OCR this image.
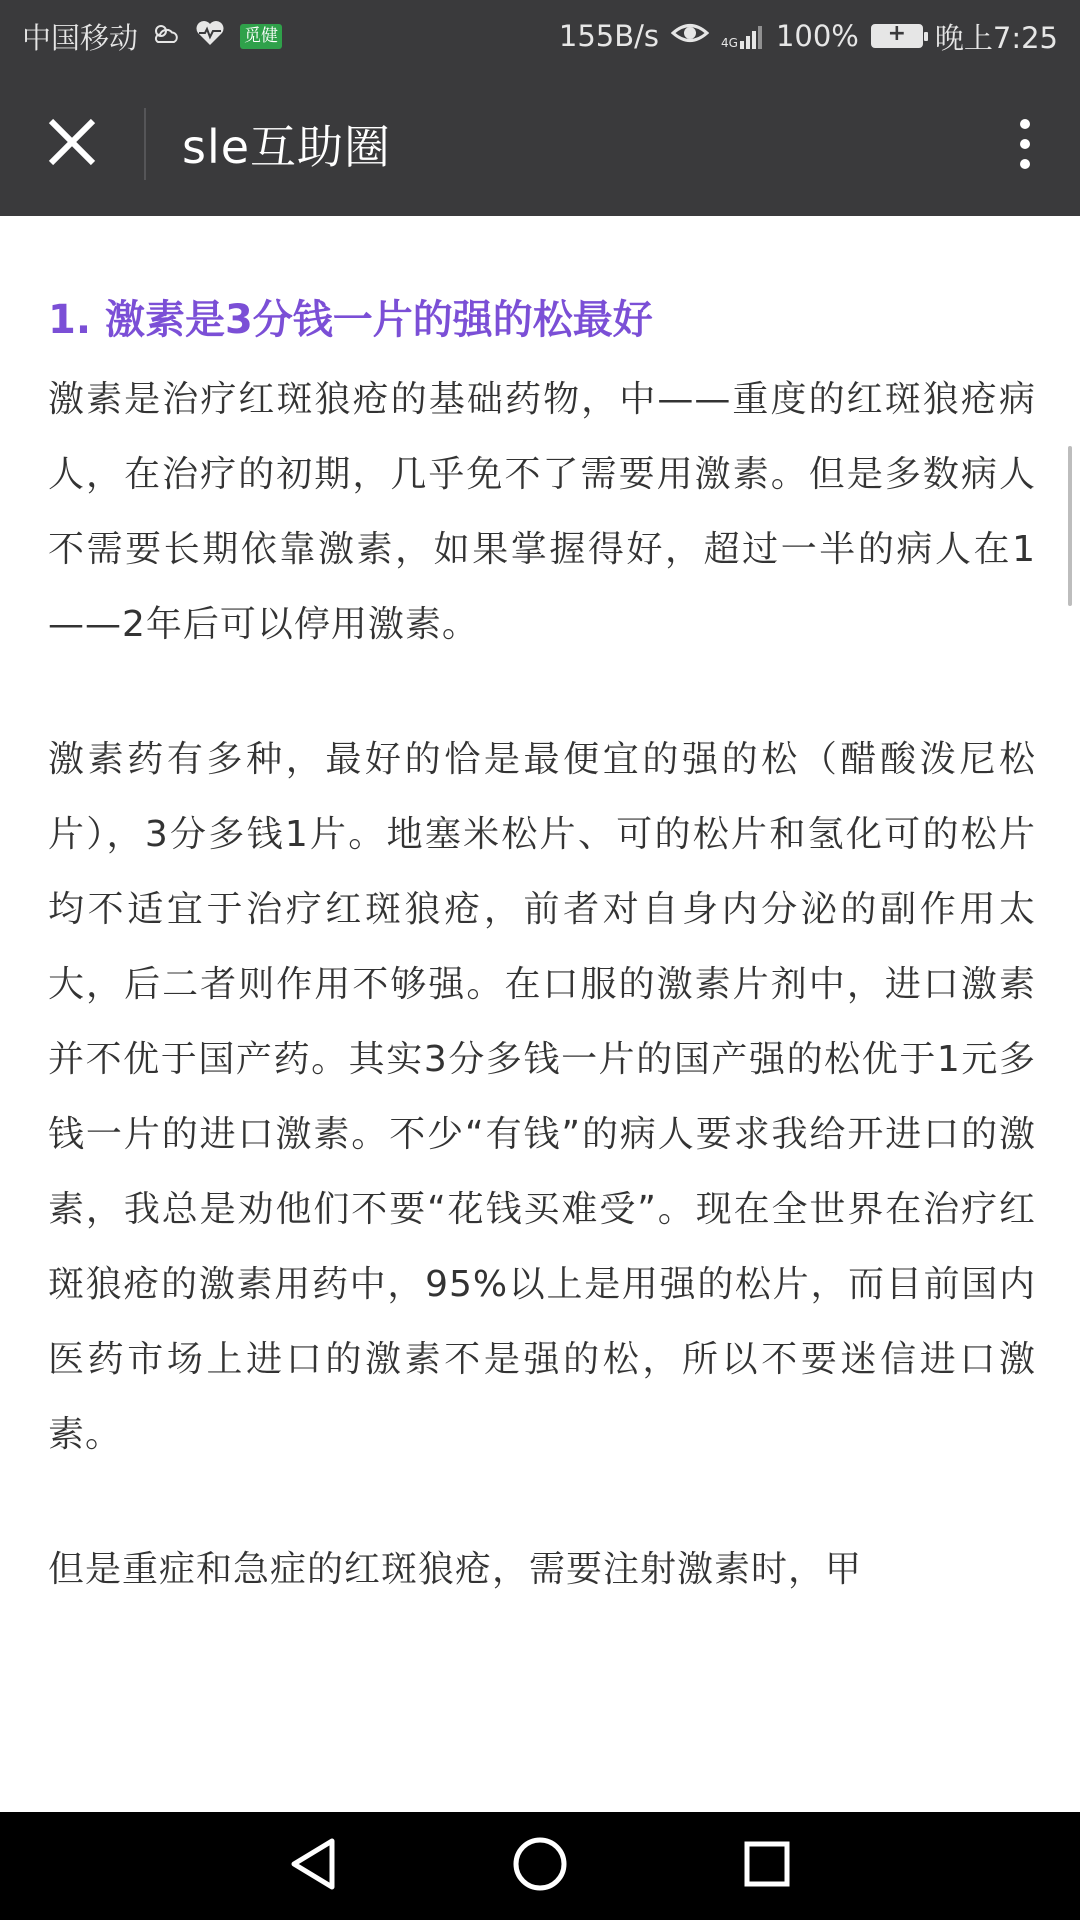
中国移动	觅健	155B/s	4G 100%	+ 晚上7:25
sle互助圈
1. 激素是3分钱一片的强的松最好

激素是治疗红斑狼疮的基础药物，中——重度的红斑狼疮病人，在治疗的初期，几乎免不了需要用激素。但是多数病人不需要长期依靠激素，如果掌握得好，超过一半的病人在1——2年后可以停用激素。

激素药有多种，最好的恰是最便宜的强的松（醋酸泼尼松片），3分多钱1片。地塞米松片、可的松片和氢化可的松片均不适宜于治疗红斑狼疮，前者对自身内分泌的副作用太大，后二者则作用不够强。在口服的激素片剂中，进口激素并不优于国产药。其实3分多钱一片的国产强的松优于1元多钱一片的进口激素。不少“有钱”的病人要求我给开进口的激素，我总是劝他们不要“花钱买难受”。现在全世界在治疗红斑狼疮的激素用药中，95%以上是用强的松片，而目前国内医药市场上进口的激素不是强的松，所以不要迷信进口激素。

但是重症和急症的红斑狼疮，需要注射激素时，甲
